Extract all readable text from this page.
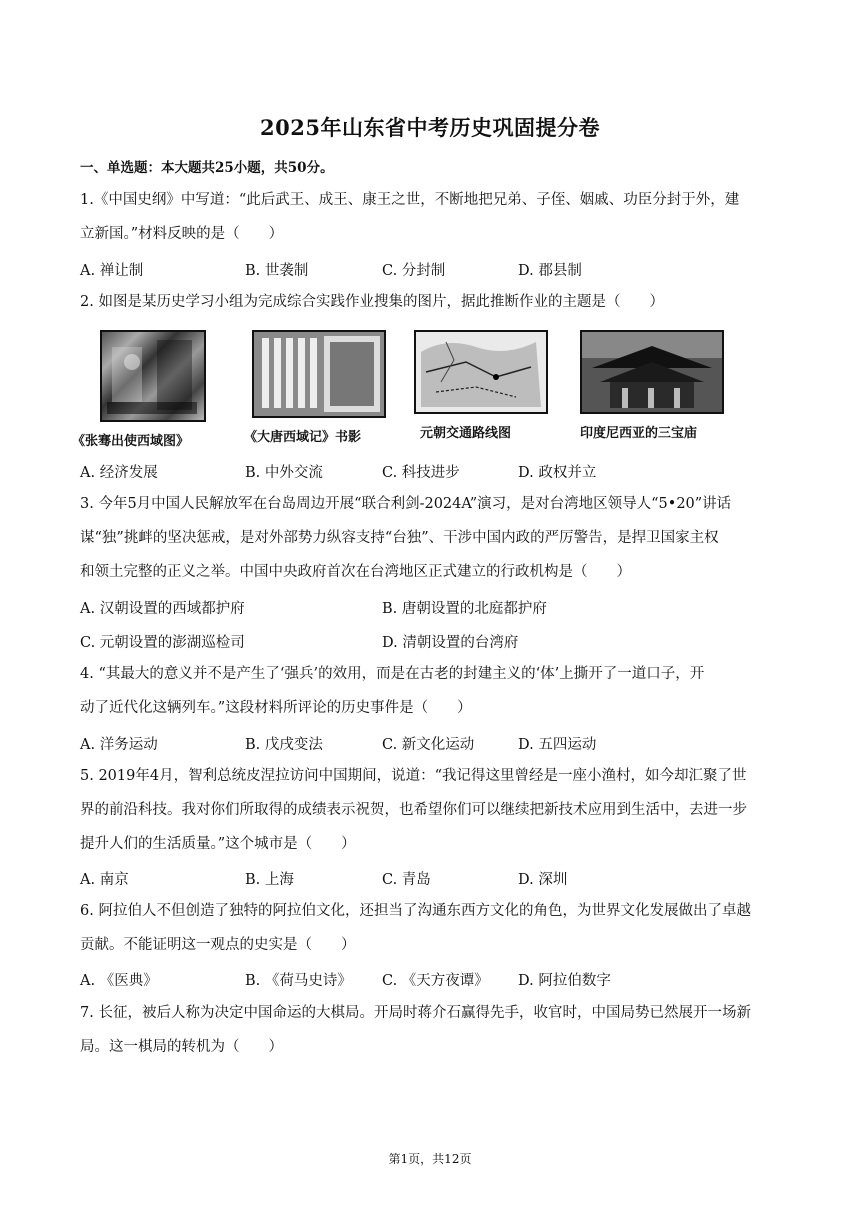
2025年山东省中考历史巩固提分卷
一、单选题：本大题共25小题，共50分。
1.《中国史纲》中写道：“此后武王、成王、康王之世，不断地把兄弟、子侄、姻戚、功臣分封于外，建
立新国。”材料反映的是（　　）
A. 禅让制	B. 世袭制	C. 分封制	D. 郡县制
2. 如图是某历史学习小组为完成综合实践作业搜集的图片，据此推断作业的主题是（　　）
《张骞出使西域图》	《大唐西域记》书影	元朝交通路线图	印度尼西亚的三宝庙
A. 经济发展	B. 中外交流	C. 科技进步	D. 政权并立
3. 今年5月中国人民解放军在台岛周边开展“联合利剑-2024A”演习，是对台湾地区领导人“5•20”讲话
谋“独”挑衅的坚决惩戒，是对外部势力纵容支持“台独”、干涉中国内政的严厉警告，是捍卫国家主权
和领土完整的正义之举。中国中央政府首次在台湾地区正式建立的行政机构是（　　）
A. 汉朝设置的西域都护府	B. 唐朝设置的北庭都护府
C. 元朝设置的澎湖巡检司	D. 清朝设置的台湾府
4. “其最大的意义并不是产生了‘强兵’的效用，而是在古老的封建主义的‘体’上撕开了一道口子，开
动了近代化这辆列车。”这段材料所评论的历史事件是（　　）
A. 洋务运动	B. 戊戌变法	C. 新文化运动	D. 五四运动
5. 2019年4月，智利总统皮涅拉访问中国期间，说道：“我记得这里曾经是一座小渔村，如今却汇聚了世
界的前沿科技。我对你们所取得的成绩表示祝贺，也希望你们可以继续把新技术应用到生活中，去进一步
提升人们的生活质量。”这个城市是（　　）
A. 南京	B. 上海	C. 青岛	D. 深圳
6. 阿拉伯人不但创造了独特的阿拉伯文化，还担当了沟通东西方文化的角色，为世界文化发展做出了卓越
贡献。不能证明这一观点的史实是（　　）
A. 《医典》	B. 《荷马史诗》 C. 《天方夜谭》 D. 阿拉伯数字
7. 长征，被后人称为决定中国命运的大棋局。开局时蒋介石赢得先手，收官时，中国局势已然展开一场新
局。这一棋局的转机为（　　）
第1页，共12页
